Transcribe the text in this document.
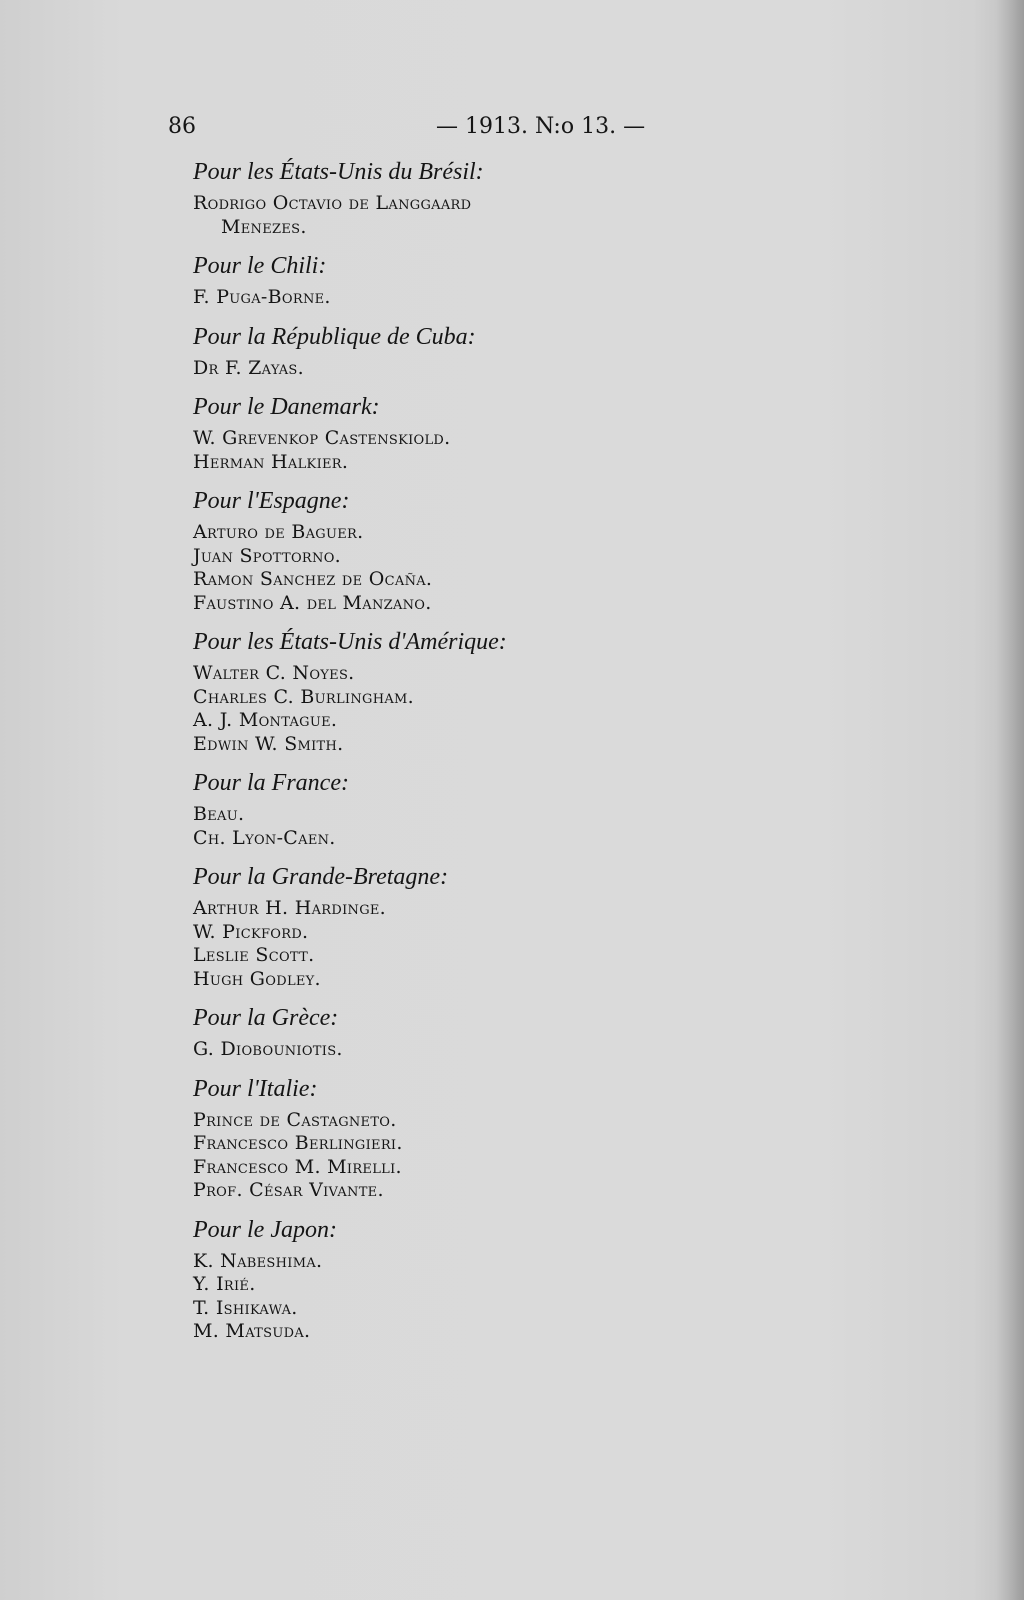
86	— 1913. N:o 13. —
Pour les États-Unis du Brésil:
Rodrigo Octavio de Langgaard
Menezes.
Pour le Chili:
F. Puga-Borne.
Pour la République de Cuba:
Dr F. Zayas.
Pour le Danemark:
W. Grevenkop Castenskiold.
Herman Halkier.
Pour l'Espagne:
Arturo de Baguer.
Juan Spottorno.
Ramon Sanchez de Ocaña.
Faustino A. del Manzano.
Pour les États-Unis d'Amérique:
Walter C. Noyes.
Charles C. Burlingham.
A. J. Montague.
Edwin W. Smith.
Pour la France:
Beau.
Ch. Lyon-Caen.
Pour la Grande-Bretagne:
Arthur H. Hardinge.
W. Pickford.
Leslie Scott.
Hugh Godley.
Pour la Grèce:
G. Diobouniotis.
Pour l'Italie:
Prince de Castagneto.
Francesco Berlingieri.
Francesco M. Mirelli.
Prof. César Vivante.
Pour le Japon:
K. Nabeshima.
Y. Irié.
T. Ishikawa.
M. Matsuda.
